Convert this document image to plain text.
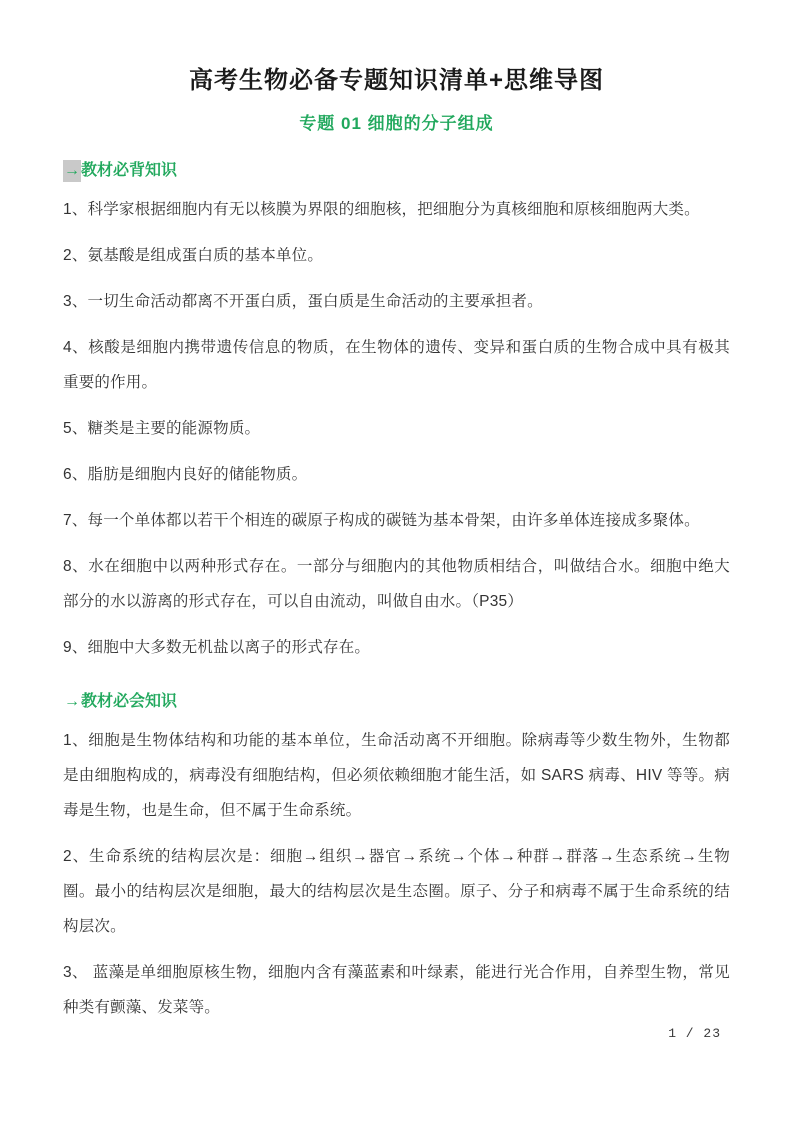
高考生物必备专题知识清单+思维导图
专题 01 细胞的分子组成
→教材必背知识
1、科学家根据细胞内有无以核膜为界限的细胞核，把细胞分为真核细胞和原核细胞两大类。
2、氨基酸是组成蛋白质的基本单位。
3、一切生命活动都离不开蛋白质，蛋白质是生命活动的主要承担者。
4、核酸是细胞内携带遗传信息的物质，在生物体的遗传、变异和蛋白质的生物合成中具有极其重要的作用。
5、糖类是主要的能源物质。
6、脂肪是细胞内良好的储能物质。
7、每一个单体都以若干个相连的碳原子构成的碳链为基本骨架，由许多单体连接成多聚体。
8、水在细胞中以两种形式存在。一部分与细胞内的其他物质相结合，叫做结合水。细胞中绝大部分的水以游离的形式存在，可以自由流动，叫做自由水。（P35）
9、细胞中大多数无机盐以离子的形式存在。
→教材必会知识
1、细胞是生物体结构和功能的基本单位，生命活动离不开细胞。除病毒等少数生物外，生物都是由细胞构成的，病毒没有细胞结构，但必须依赖细胞才能生活，如 SARS 病毒、HIV 等等。病毒是生物，也是生命，但不属于生命系统。
2、生命系统的结构层次是：细胞→组织→器官→系统→个体→种群→群落→生态系统→生物圈。最小的结构层次是细胞，最大的结构层次是生态圈。原子、分子和病毒不属于生命系统的结构层次。
3、 蓝藻是单细胞原核生物，细胞内含有藻蓝素和叶绿素，能进行光合作用，自养型生物，常见种类有颤藻、发菜等。
1 / 23
